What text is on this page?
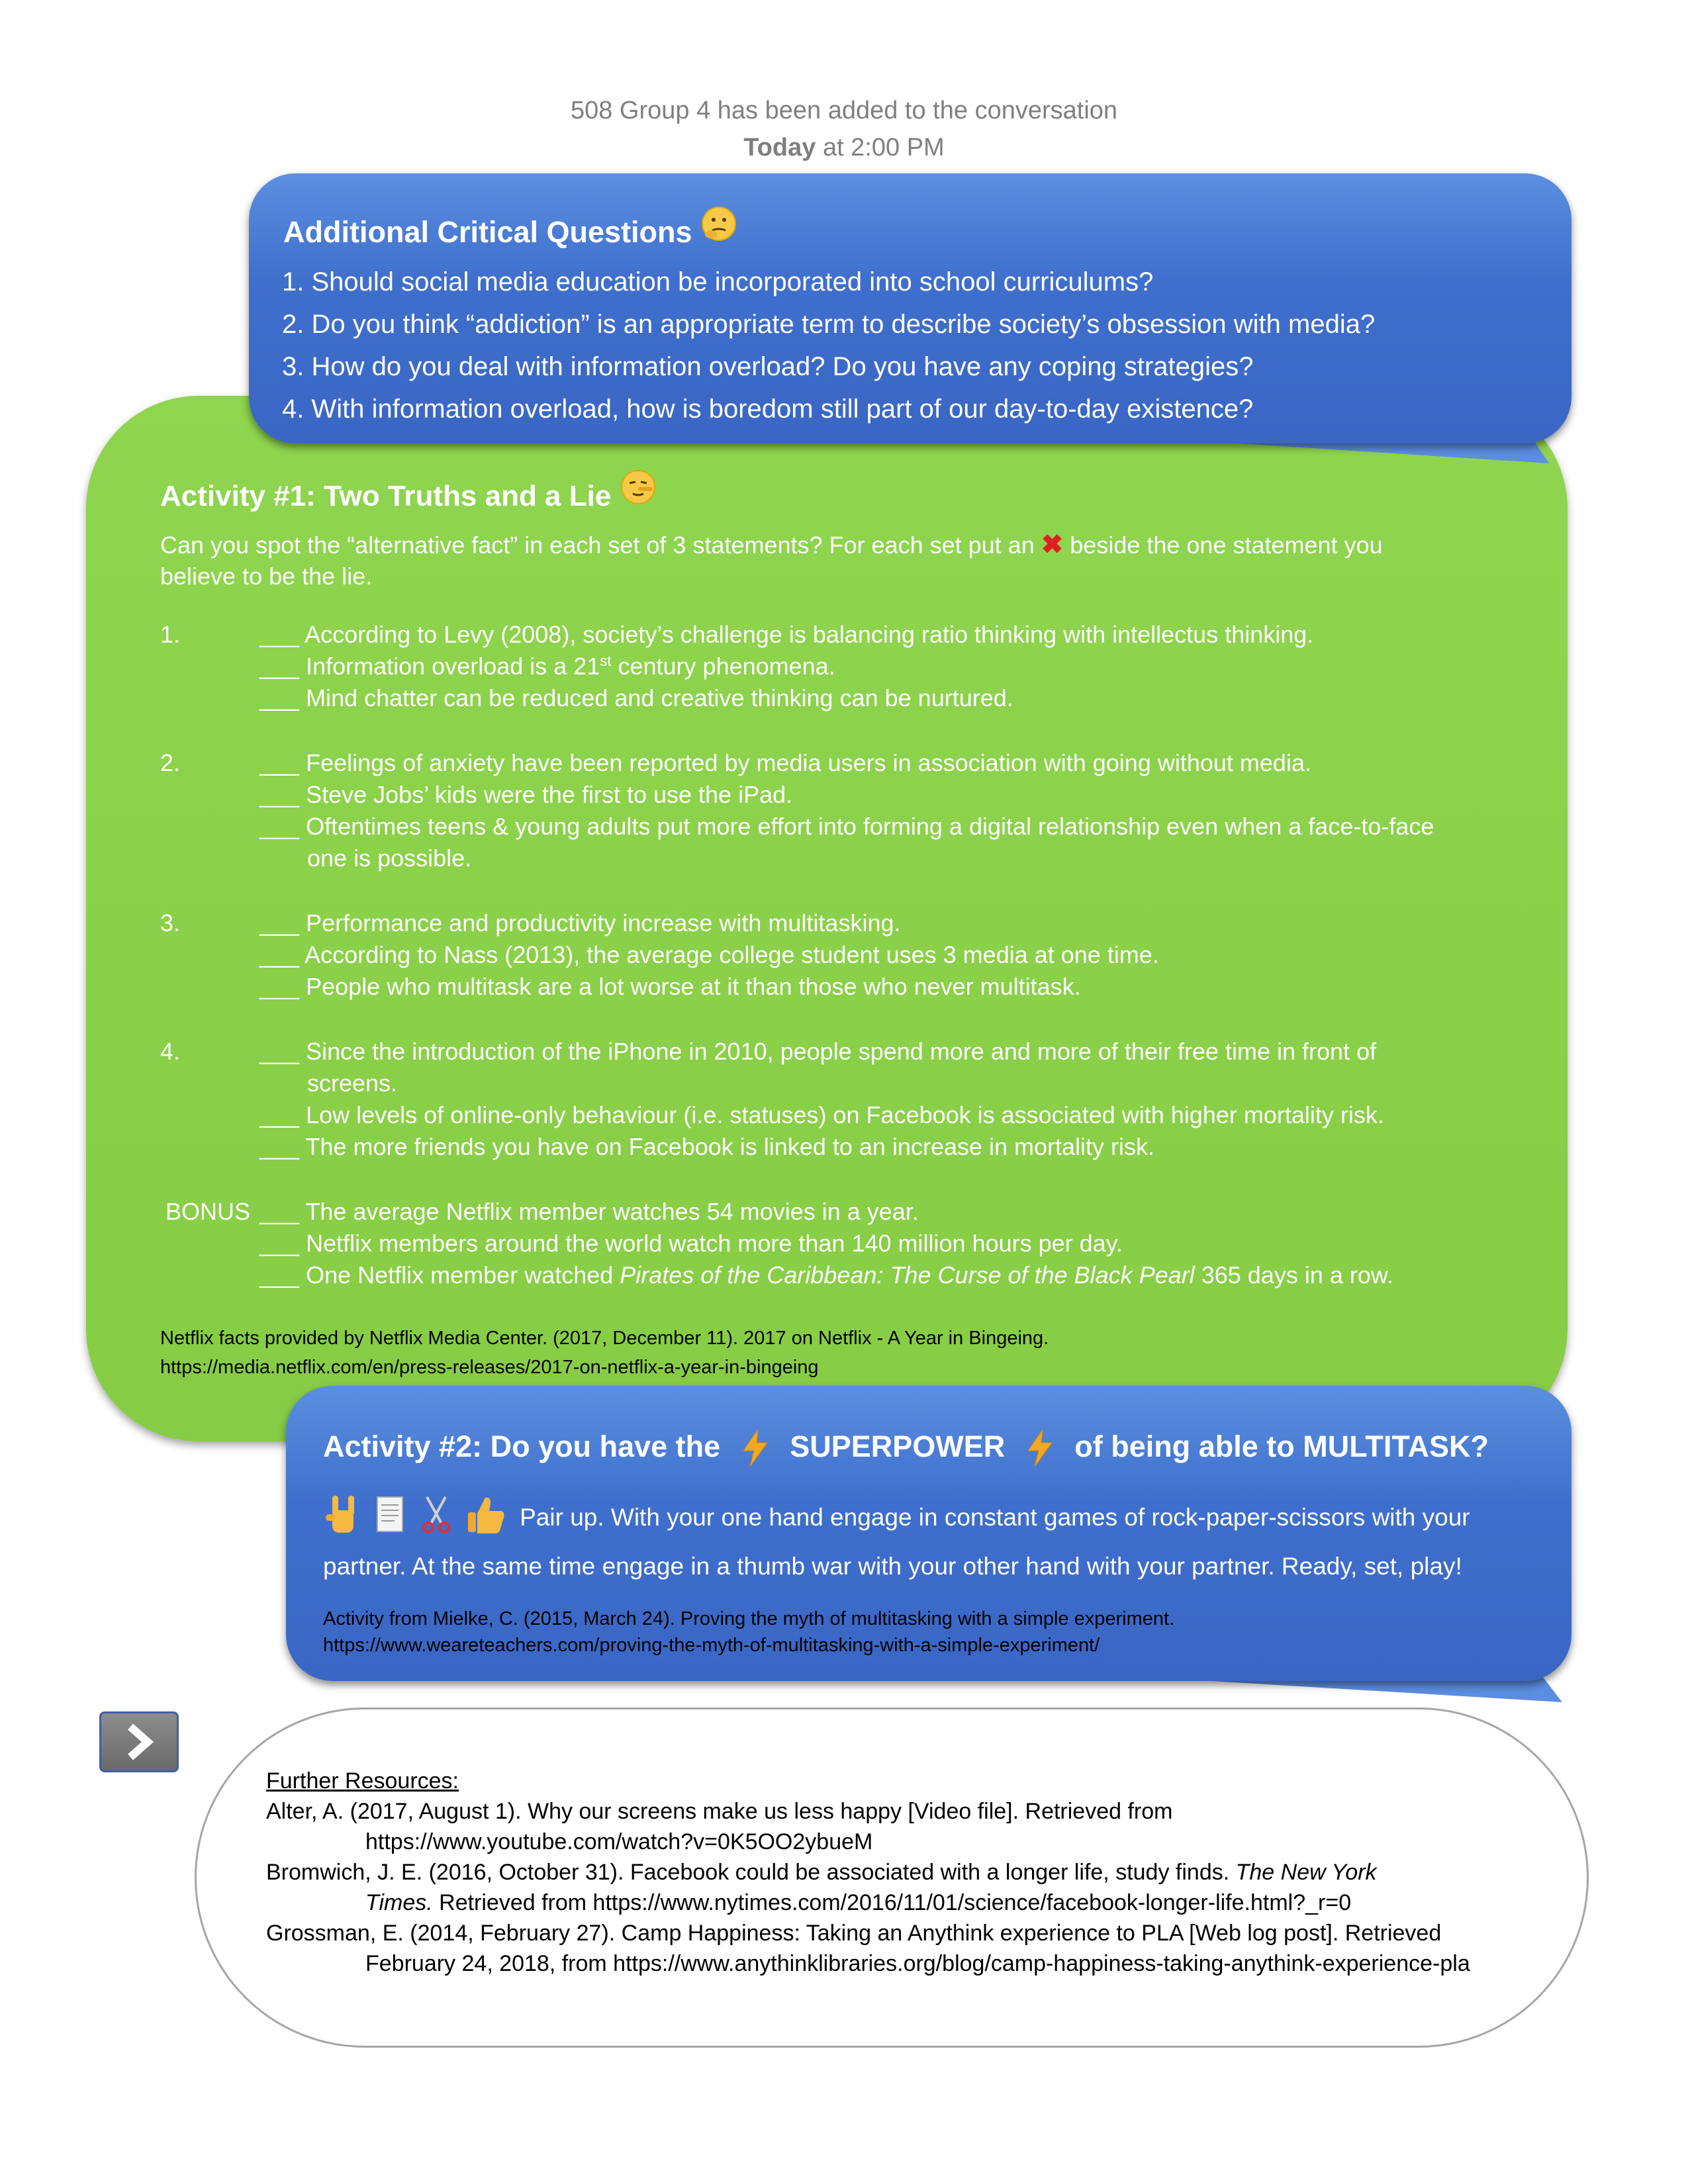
508 Group 4 has been added to the conversation
Today at 2:00 PM
Additional Critical Questions
1. Should social media education be incorporated into school curriculums?
2. Do you think “addiction” is an appropriate term to describe society’s obsession with media?
3. How do you deal with information overload? Do you have any coping strategies?
4. With information overload, how is boredom still part of our day-to-day existence?
Activity #1: Two Truths and a Lie
Can you spot the “alternative fact” in each set of 3 statements? For each set put an ✖ beside the one statement you
believe to be the lie.
1.	___ According to Levy (2008), society’s challenge is balancing ratio thinking with intellectus thinking.
___ Information overload is a 21st century phenomena.
___ Mind chatter can be reduced and creative thinking can be nurtured.
2.	___ Feelings of anxiety have been reported by media users in association with going without media.
___ Steve Jobs’ kids were the first to use the iPad.
___ Oftentimes teens & young adults put more effort into forming a digital relationship even when a face-to-face
one is possible.
3.	___ Performance and productivity increase with multitasking.
___ According to Nass (2013), the average college student uses 3 media at one time.
___ People who multitask are a lot worse at it than those who never multitask.
4.	___ Since the introduction of the iPhone in 2010, people spend more and more of their free time in front of
screens.
___ Low levels of online-only behaviour (i.e. statuses) on Facebook is associated with higher mortality risk.
___ The more friends you have on Facebook is linked to an increase in mortality risk.
BONUS ___ The average Netflix member watches 54 movies in a year.
___ Netflix members around the world watch more than 140 million hours per day.
___ One Netflix member watched Pirates of the Caribbean: The Curse of the Black Pearl 365 days in a row.
Netflix facts provided by Netflix Media Center. (2017, December 11). 2017 on Netflix - A Year in Bingeing.
https://media.netflix.com/en/press-releases/2017-on-netflix-a-year-in-bingeing
Activity #2: Do you have the SUPERPOWER of being able to MULTITASK?
Pair up. With your one hand engage in constant games of rock-paper-scissors with your
partner. At the same time engage in a thumb war with your other hand with your partner. Ready, set, play!
Activity from Mielke, C. (2015, March 24). Proving the myth of multitasking with a simple experiment.
https://www.weareteachers.com/proving-the-myth-of-multitasking-with-a-simple-experiment/
Further Resources:
Alter, A. (2017, August 1). Why our screens make us less happy [Video file]. Retrieved from
https://www.youtube.com/watch?v=0K5OO2ybueM
Bromwich, J. E. (2016, October 31). Facebook could be associated with a longer life, study finds. The New York
Times. Retrieved from https://www.nytimes.com/2016/11/01/science/facebook-longer-life.html?_r=0
Grossman, E. (2014, February 27). Camp Happiness: Taking an Anythink experience to PLA [Web log post]. Retrieved
February 24, 2018, from https://www.anythinklibraries.org/blog/camp-happiness-taking-anythink-experience-pla
